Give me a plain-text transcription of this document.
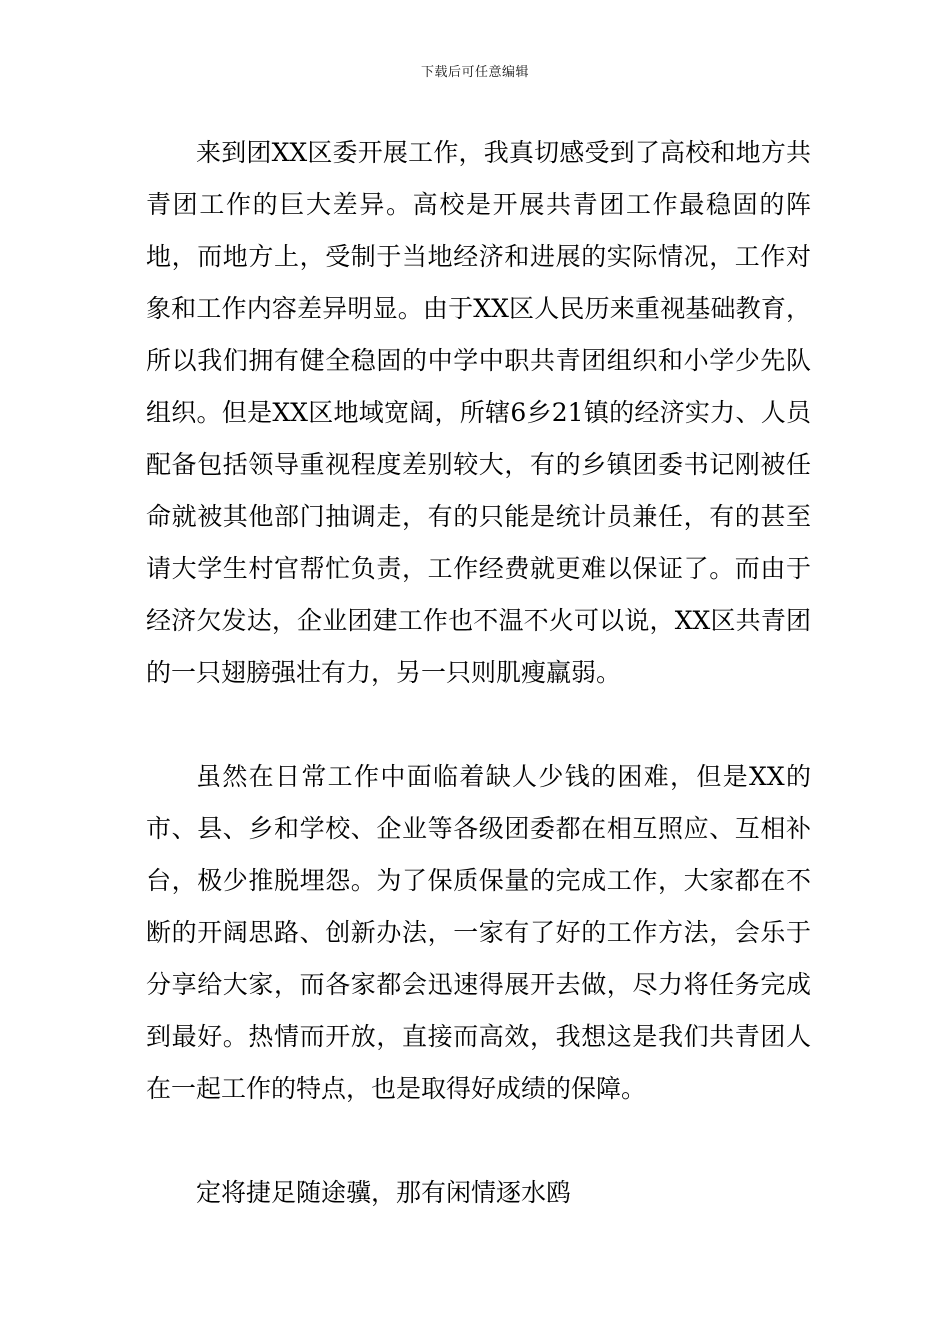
下载后可任意编辑

来到团XX区委开展工作，我真切感受到了高校和地方共青团工作的巨大差异。高校是开展共青团工作最稳固的阵地，而地方上，受制于当地经济和进展的实际情况，工作对象和工作内容差异明显。由于XX区人民历来重视基础教育，所以我们拥有健全稳固的中学中职共青团组织和小学少先队组织。但是XX区地域宽阔，所辖6乡21镇的经济实力、人员配备包括领导重视程度差别较大，有的乡镇团委书记刚被任命就被其他部门抽调走，有的只能是统计员兼任，有的甚至请大学生村官帮忙负责，工作经费就更难以保证了。而由于经济欠发达，企业团建工作也不温不火可以说，XX区共青团的一只翅膀强壮有力，另一只则肌瘦羸弱。

虽然在日常工作中面临着缺人少钱的困难，但是XX的市、县、乡和学校、企业等各级团委都在相互照应、互相补台，极少推脱埋怨。为了保质保量的完成工作，大家都在不断的开阔思路、创新办法，一家有了好的工作方法，会乐于分享给大家，而各家都会迅速得展开去做，尽力将任务完成到最好。热情而开放，直接而高效，我想这是我们共青团人在一起工作的特点，也是取得好成绩的保障。

定将捷足随途骥，那有闲情逐水鸥
